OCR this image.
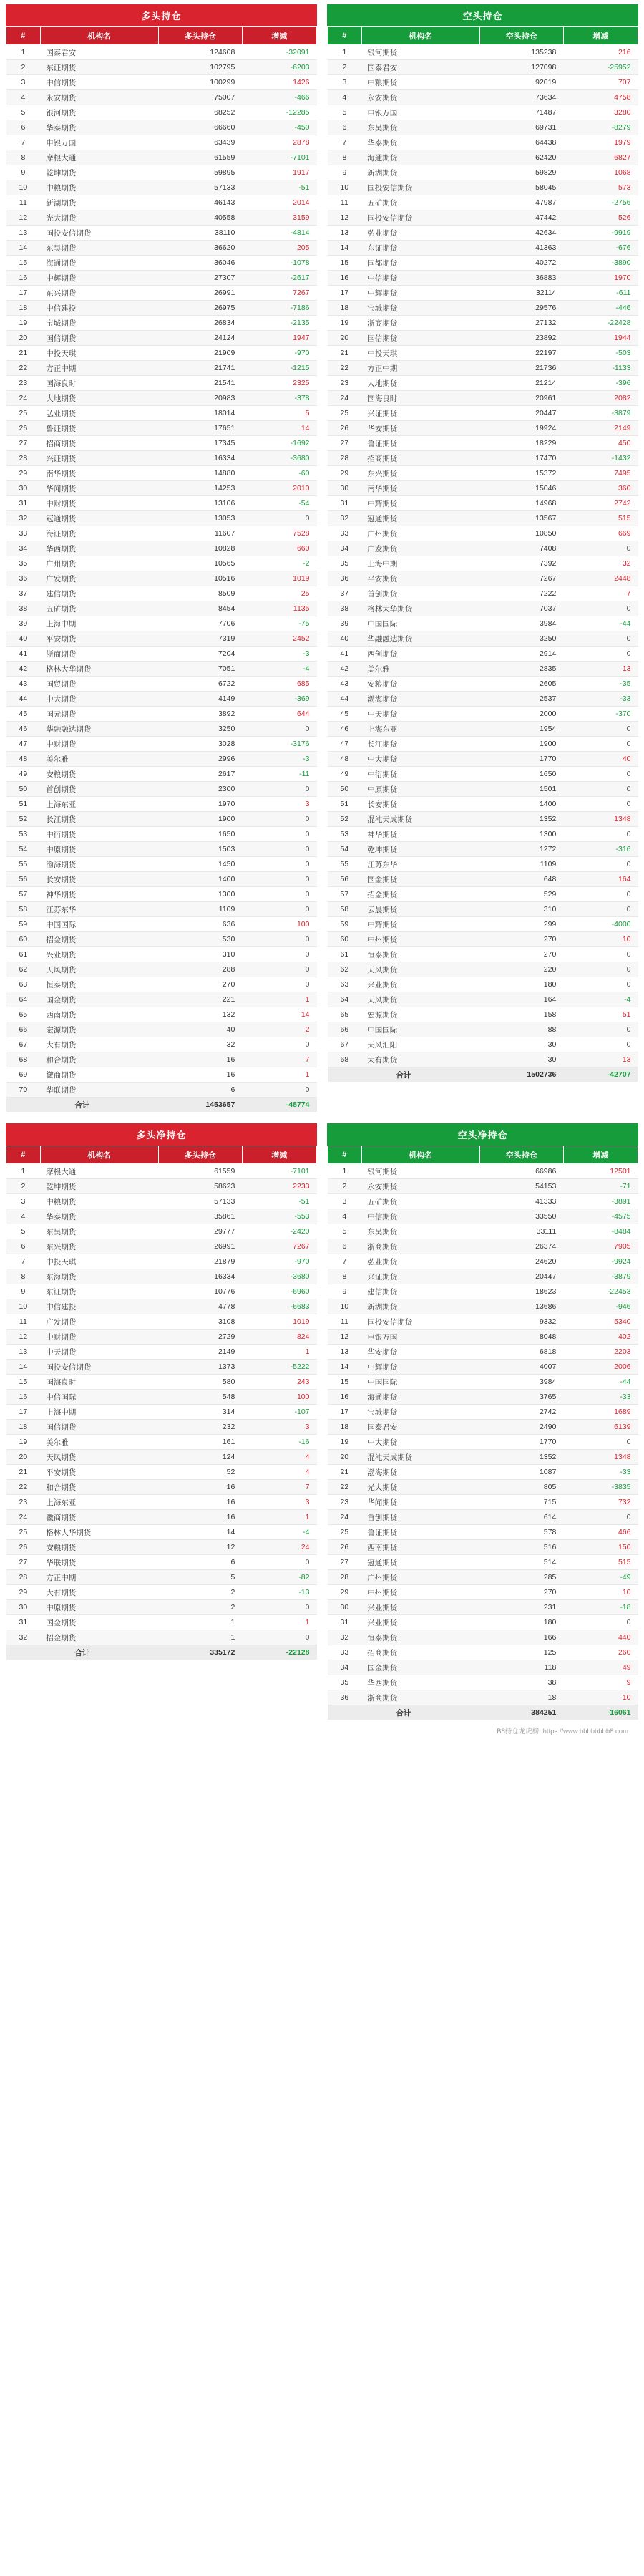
多头持仓
#	机构名	多头持仓	增减
1	国泰君安	124608	-32091
2	东证期货	102795	-6203
3	中信期货	100299	1426
4	永安期货	75007	-466
5	银河期货	68252	-12285
6	华泰期货	66660	-450
7	申银万国	63439	2878
8	摩根大通	61559	-7101
9	乾坤期货	59895	1917
10	中粮期货	57133	-51
11	新湖期货	46143	2014
12	光大期货	40558	3159
13	国投安信期货	38110	-4814
14	东吴期货	36620	205
15	海通期货	36046	-1078
16	中辉期货	27307	-2617
17	东兴期货	26991	7267
18	中信建投	26975	-7186
19	宝城期货	26834	-2135
20	国信期货	24124	1947
21	中投天琪	21909	-970
22	方正中期	21741	-1215
23	国海良时	21541	2325
24	大地期货	20983	-378
25	弘业期货	18014	5
26	鲁证期货	17651	14
27	招商期货	17345	-1692
28	兴证期货	16334	-3680
29	南华期货	14880	-60
30	华闻期货	14253	2010
31	中财期货	13106	-54
32	冠通期货	13053	0
33	海证期货	11607	7528
34	华西期货	10828	660
35	广州期货	10565	-2
36	广发期货	10516	1019
37	建信期货	8509	25
38	五矿期货	8454	1135
39	上海中期	7706	-75
40	平安期货	7319	2452
41	浙商期货	7204	-3
42	格林大华期货	7051	-4
43	国贸期货	6722	685
44	中大期货	4149	-369
45	国元期货	3892	644
46	华融融达期货	3250	0
47	中财期货	3028	-3176
48	美尔雅	2996	-3
49	安粮期货	2617	-11
50	首创期货	2300	0
51	上海东亚	1970	3
52	长江期货	1900	0
53	中衍期货	1650	0
54	中原期货	1503	0
55	渤海期货	1450	0
56	长安期货	1400	0
57	神华期货	1300	0
58	江苏东华	1109	0
59	中国国际	636	100
60	招金期货	530	0
61	兴业期货	310	0
62	天风期货	288	0
63	恒泰期货	270	0
64	国金期货	221	1
65	西南期货	132	14
66	宏源期货	40	2
67	大有期货	32	0
68	和合期货	16	7
69	徽商期货	16	1
70	华联期货	6	0
合计		1453657	-48774
空头持仓
#	机构名	空头持仓	增减
1	银河期货	135238	216
2	国泰君安	127098	-25952
3	中粮期货	92019	707
4	永安期货	73634	4758
5	申银万国	71487	3280
6	东吴期货	69731	-8279
7	华泰期货	64438	1979
8	海通期货	62420	6827
9	新湖期货	59829	1068
10	国投安信期货	58045	573
11	五矿期货	47987	-2756
12	国投安信期货	47442	526
13	弘业期货	42634	-9919
14	东证期货	41363	-676
15	国都期货	40272	-3890
16	中信期货	36883	1970
17	中辉期货	32114	-611
18	宝城期货	29576	-446
19	浙商期货	27132	-22428
20	国信期货	23892	1944
21	中投天琪	22197	-503
22	方正中期	21736	-1133
23	大地期货	21214	-396
24	国海良时	20961	2082
25	兴证期货	20447	-3879
26	华安期货	19924	2149
27	鲁证期货	18229	450
28	招商期货	17470	-1432
29	东兴期货	15372	7495
30	南华期货	15046	360
31	中辉期货	14968	2742
32	冠通期货	13567	515
33	广州期货	10850	669
34	广发期货	7408	0
35	上海中期	7392	32
36	平安期货	7267	2448
37	首创期货	7222	7
38	格林大华期货	7037	0
39	中国国际	3984	-44
40	华融融达期货	3250	0
41	西创期货	2914	0
42	美尔雅	2835	13
43	安粮期货	2605	-35
44	渤海期货	2537	-33
45	中天期货	2000	-370
46	上海东亚	1954	0
47	长江期货	1900	0
48	中大期货	1770	40
49	中衍期货	1650	0
50	中原期货	1501	0
51	长安期货	1400	0
52	混沌天成期货	1352	1348
53	神华期货	1300	0
54	乾坤期货	1272	-316
55	江苏东华	1109	0
56	国金期货	648	164
57	招金期货	529	0
58	云晨期货	310	0
59	中辉期货	299	-4000
60	中州期货	270	10
61	恒泰期货	270	0
62	天风期货	220	0
63	兴业期货	180	0
64	天风期货	164	-4
65	宏源期货	158	51
66	中国国际	88	0
67	天风汇阳	30	0
68	大有期货	30	13
合计		1502736	-42707
多头净持仓
#	机构名	多头持仓	增减
1	摩根大通	61559	-7101
2	乾坤期货	58623	2233
3	中粮期货	57133	-51
4	华泰期货	35861	-553
5	东吴期货	29777	-2420
6	东兴期货	26991	7267
7	中投天琪	21879	-970
8	东海期货	16334	-3680
9	东证期货	10776	-6960
10	中信建投	4778	-6683
11	广发期货	3108	1019
12	中财期货	2729	824
13	中天期货	2149	1
14	国投安信期货	1373	-5222
15	国海良时	580	243
16	中信国际	548	100
17	上海中期	314	-107
18	国信期货	232	3
19	美尔雅	161	-16
20	天风期货	124	4
21	平安期货	52	4
22	和合期货	16	7
23	上海东亚	16	3
24	徽商期货	16	1
25	格林大华期货	14	-4
26	安粮期货	12	24
27	华联期货	6	0
28	方正中期	5	-82
29	大有期货	2	-13
30	中原期货	2	0
31	国金期货	1	1
32	招金期货	1	0
合计		335172	-22128
空头净持仓
#	机构名	空头持仓	增减
1	银河期货	66986	12501
2	永安期货	54153	-71
3	五矿期货	41333	-3891
4	中信期货	33550	-4575
5	东吴期货	33111	-8484
6	浙商期货	26374	7905
7	弘业期货	24620	-9924
8	兴证期货	20447	-3879
9	建信期货	18623	-22453
10	新湖期货	13686	-946
11	国投安信期货	9332	5340
12	申银万国	8048	402
13	华安期货	6818	2203
14	中辉期货	4007	2006
15	中国国际	3984	-44
16	海通期货	3765	-33
17	宝城期货	2742	1689
18	国泰君安	2490	6139
19	中大期货	1770	0
20	混沌天成期货	1352	1348
21	渤海期货	1087	-33
22	光大期货	805	-3835
23	华闻期货	715	732
24	首创期货	614	0
25	鲁证期货	578	466
26	西南期货	516	150
27	冠通期货	514	515
28	广州期货	285	-49
29	中州期货	270	10
30	兴业期货	231	-18
31	兴业期货	180	0
32	恒泰期货	166	440
33	招商期货	125	260
34	国金期货	118	49
35	华西期货	38	9
36	浙商期货	18	10
合计		384251	-16061
B8持仓龙虎榜: https://www.bbbbbbbb8.com
